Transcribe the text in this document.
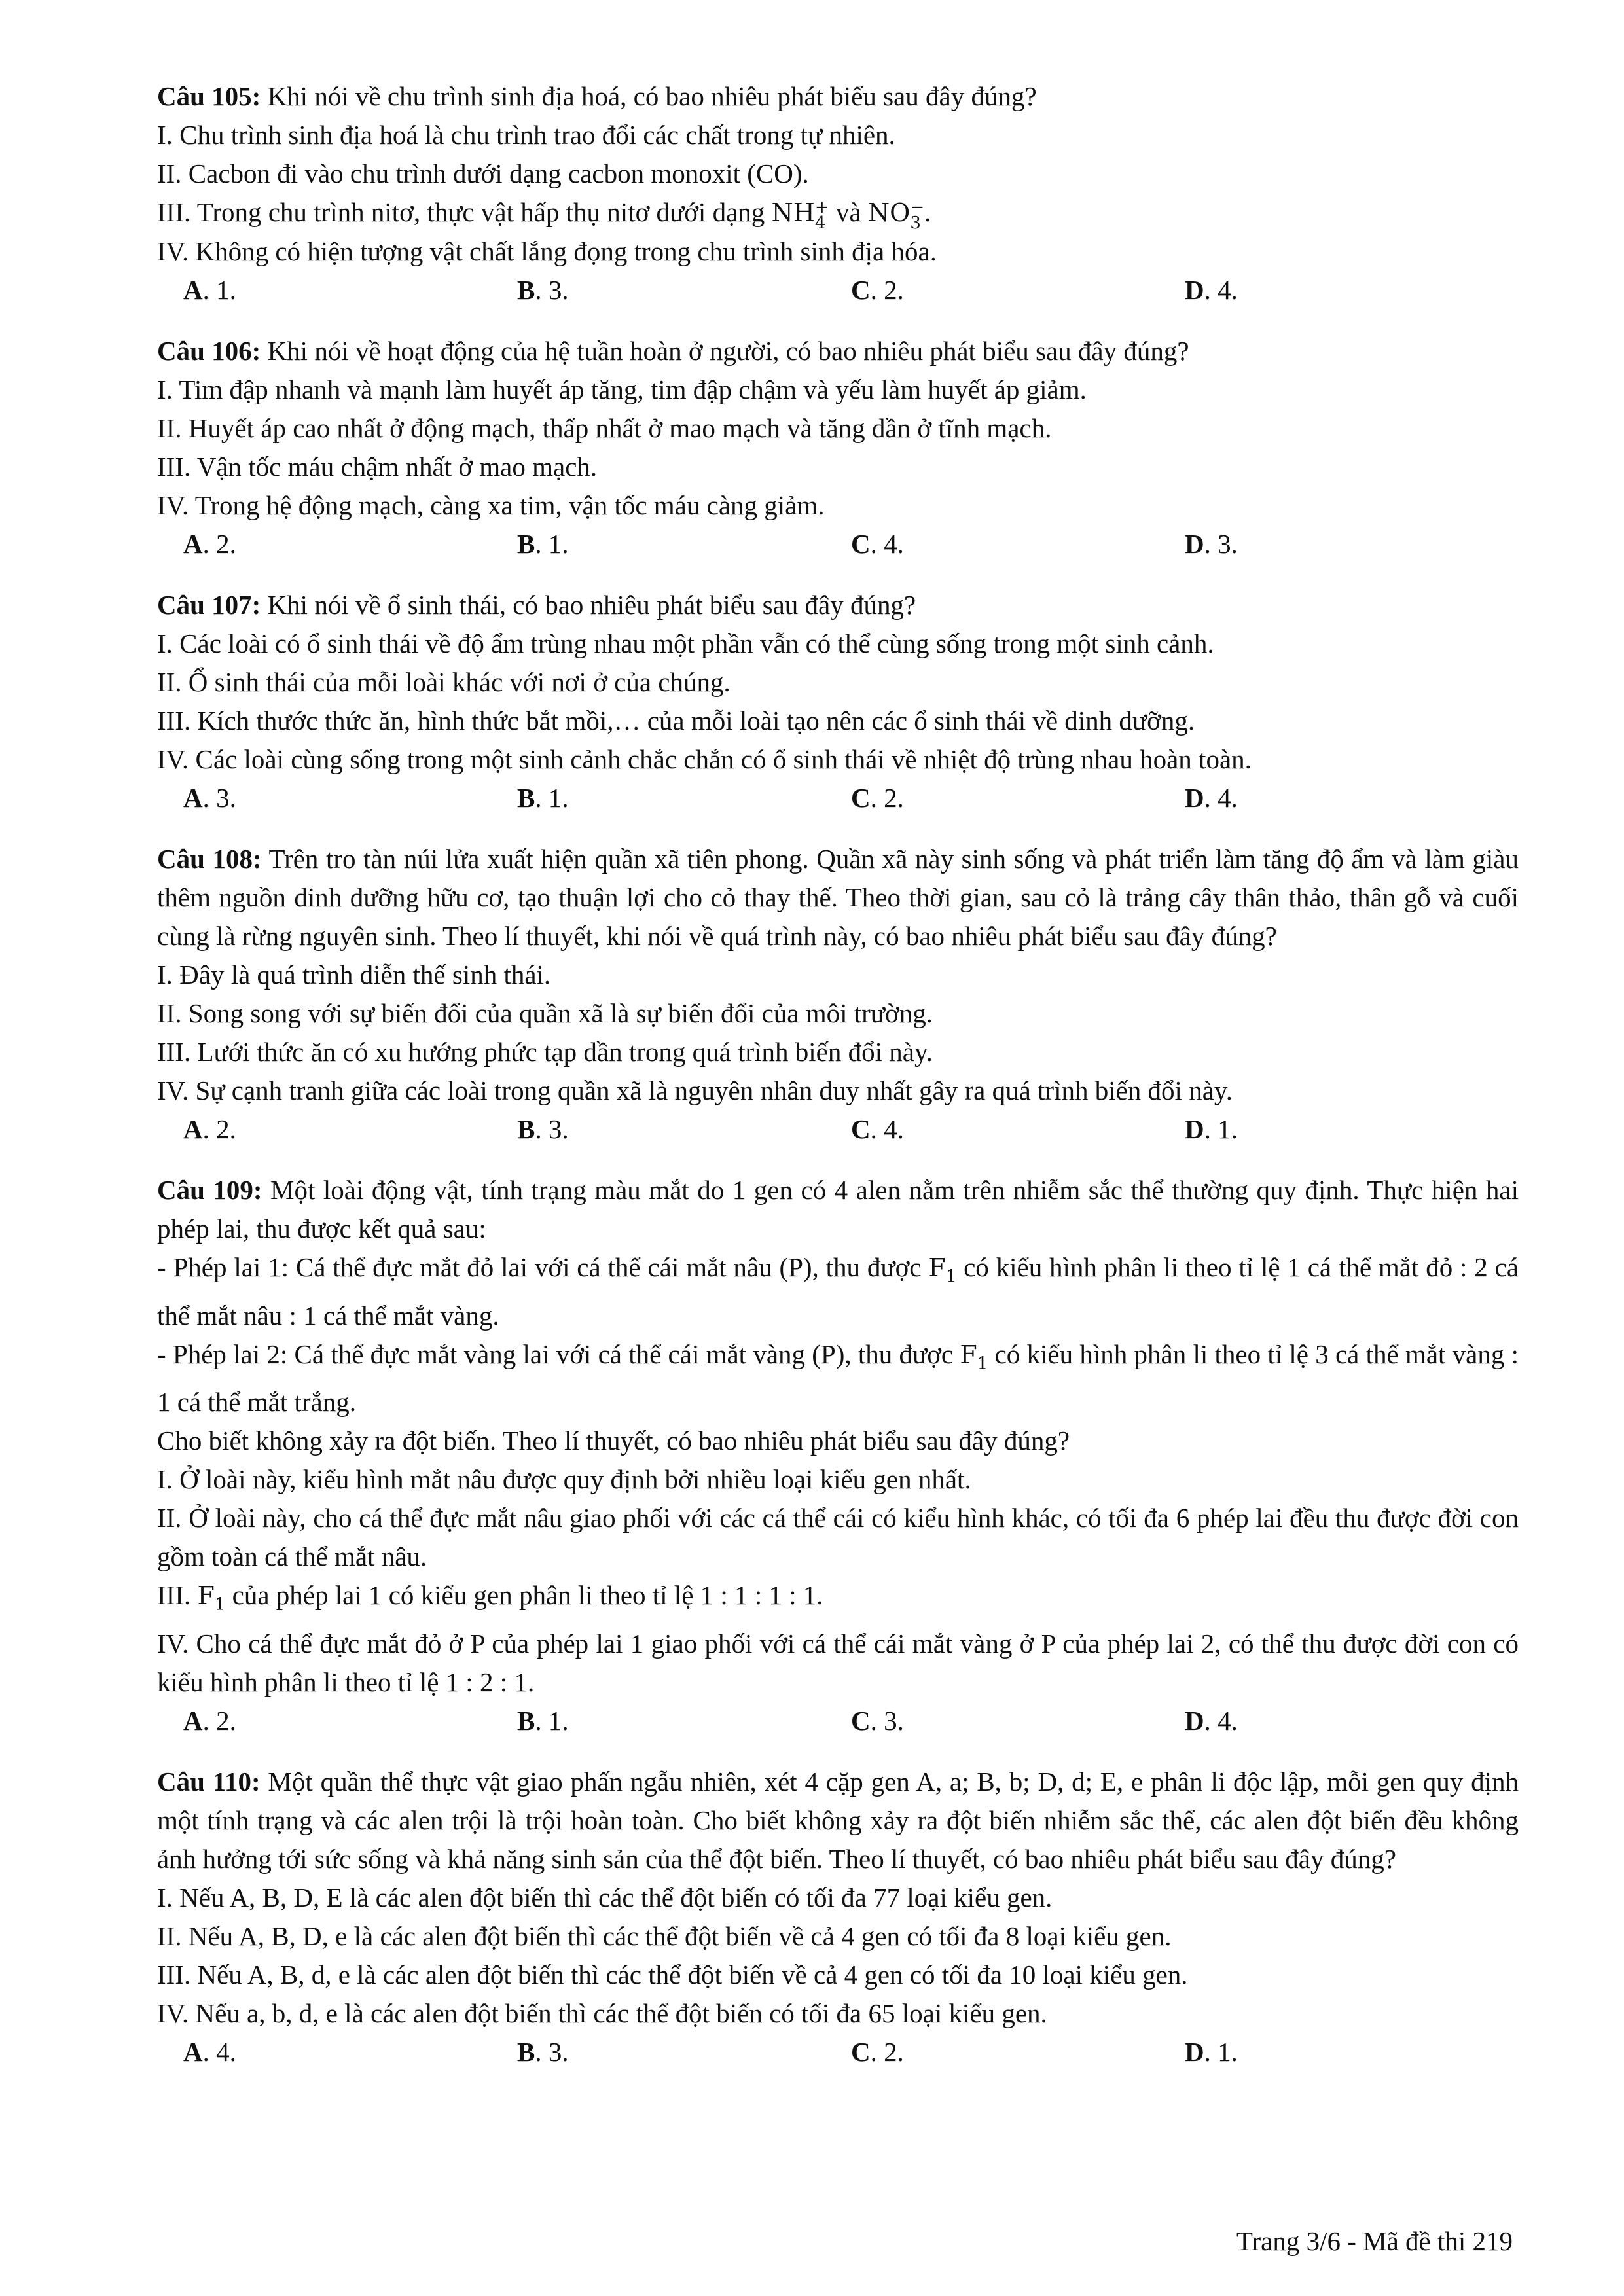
Câu 105: Khi nói về chu trình sinh địa hoá, có bao nhiêu phát biểu sau đây đúng?
I. Chu trình sinh địa hoá là chu trình trao đổi các chất trong tự nhiên.
II. Cacbon đi vào chu trình dưới dạng cacbon monoxit (CO).
III. Trong chu trình nitơ, thực vật hấp thụ nitơ dưới dạng NH +
4 và NO −
3 .
IV. Không có hiện tượng vật chất lắng đọng trong chu trình sinh địa hóa.
A. 1.	B. 3.	C. 2.	D. 4.
Câu 106: Khi nói về hoạt động của hệ tuần hoàn ở người, có bao nhiêu phát biểu sau đây đúng?
I. Tim đập nhanh và mạnh làm huyết áp tăng, tim đập chậm và yếu làm huyết áp giảm.
II. Huyết áp cao nhất ở động mạch, thấp nhất ở mao mạch và tăng dần ở tĩnh mạch.
III. Vận tốc máu chậm nhất ở mao mạch.
IV. Trong hệ động mạch, càng xa tim, vận tốc máu càng giảm.
A. 2.	B. 1.	C. 4.	D. 3.
Câu 107: Khi nói về ổ sinh thái, có bao nhiêu phát biểu sau đây đúng?
I. Các loài có ổ sinh thái về độ ẩm trùng nhau một phần vẫn có thể cùng sống trong một sinh cảnh.
II. Ổ sinh thái của mỗi loài khác với nơi ở của chúng.
III. Kích thước thức ăn, hình thức bắt mồi,… của mỗi loài tạo nên các ổ sinh thái về dinh dưỡng.
IV. Các loài cùng sống trong một sinh cảnh chắc chắn có ổ sinh thái về nhiệt độ trùng nhau hoàn toàn.
A. 3.	B. 1.	C. 2.	D. 4.
Câu 108: Trên tro tàn núi lửa xuất hiện quần xã tiên phong. Quần xã này sinh sống và phát triển làm tăng độ ẩm và làm giàu thêm nguồn dinh dưỡng hữu cơ, tạo thuận lợi cho cỏ thay thế. Theo thời gian, sau cỏ là trảng cây thân thảo, thân gỗ và cuối cùng là rừng nguyên sinh. Theo lí thuyết, khi nói về quá trình này, có bao nhiêu phát biểu sau đây đúng?
I. Đây là quá trình diễn thế sinh thái.
II. Song song với sự biến đổi của quần xã là sự biến đổi của môi trường.
III. Lưới thức ăn có xu hướng phức tạp dần trong quá trình biến đổi này.
IV. Sự cạnh tranh giữa các loài trong quần xã là nguyên nhân duy nhất gây ra quá trình biến đổi này.
A. 2.	B. 3.	C. 4.	D. 1.
Câu 109: Một loài động vật, tính trạng màu mắt do 1 gen có 4 alen nằm trên nhiễm sắc thể thường quy định. Thực hiện hai phép lai, thu được kết quả sau:
- Phép lai 1: Cá thể đực mắt đỏ lai với cá thể cái mắt nâu (P), thu được $F_1$ có kiểu hình phân li theo tỉ lệ 1 cá thể mắt đỏ : 2 cá thể mắt nâu : 1 cá thể mắt vàng.
- Phép lai 2: Cá thể đực mắt vàng lai với cá thể cái mắt vàng (P), thu được $F_1$ có kiểu hình phân li theo tỉ lệ 3 cá thể mắt vàng : 1 cá thể mắt trắng.
Cho biết không xảy ra đột biến. Theo lí thuyết, có bao nhiêu phát biểu sau đây đúng?
I. Ở loài này, kiểu hình mắt nâu được quy định bởi nhiều loại kiểu gen nhất.
II. Ở loài này, cho cá thể đực mắt nâu giao phối với các cá thể cái có kiểu hình khác, có tối đa 6 phép lai đều thu được đời con gồm toàn cá thể mắt nâu.
III. $F_1$ của phép lai 1 có kiểu gen phân li theo tỉ lệ 1 : 1 : 1 : 1.
IV. Cho cá thể đực mắt đỏ ở P của phép lai 1 giao phối với cá thể cái mắt vàng ở P của phép lai 2, có thể thu được đời con có kiểu hình phân li theo tỉ lệ 1 : 2 : 1.
A. 2.	B. 1.	C. 3.	D. 4.
Câu 110: Một quần thể thực vật giao phấn ngẫu nhiên, xét 4 cặp gen A, a; B, b; D, d; E, e phân li độc lập, mỗi gen quy định một tính trạng và các alen trội là trội hoàn toàn. Cho biết không xảy ra đột biến nhiễm sắc thể, các alen đột biến đều không ảnh hưởng tới sức sống và khả năng sinh sản của thể đột biến. Theo lí thuyết, có bao nhiêu phát biểu sau đây đúng?
I. Nếu A, B, D, E là các alen đột biến thì các thể đột biến có tối đa 77 loại kiểu gen.
II. Nếu A, B, D, e là các alen đột biến thì các thể đột biến về cả 4 gen có tối đa 8 loại kiểu gen.
III. Nếu A, B, d, e là các alen đột biến thì các thể đột biến về cả 4 gen có tối đa 10 loại kiểu gen.
IV. Nếu a, b, d, e là các alen đột biến thì các thể đột biến có tối đa 65 loại kiểu gen.
A. 4.	B. 3.	C. 2.	D. 1.
Trang 3/6 - Mã đề thi 219
